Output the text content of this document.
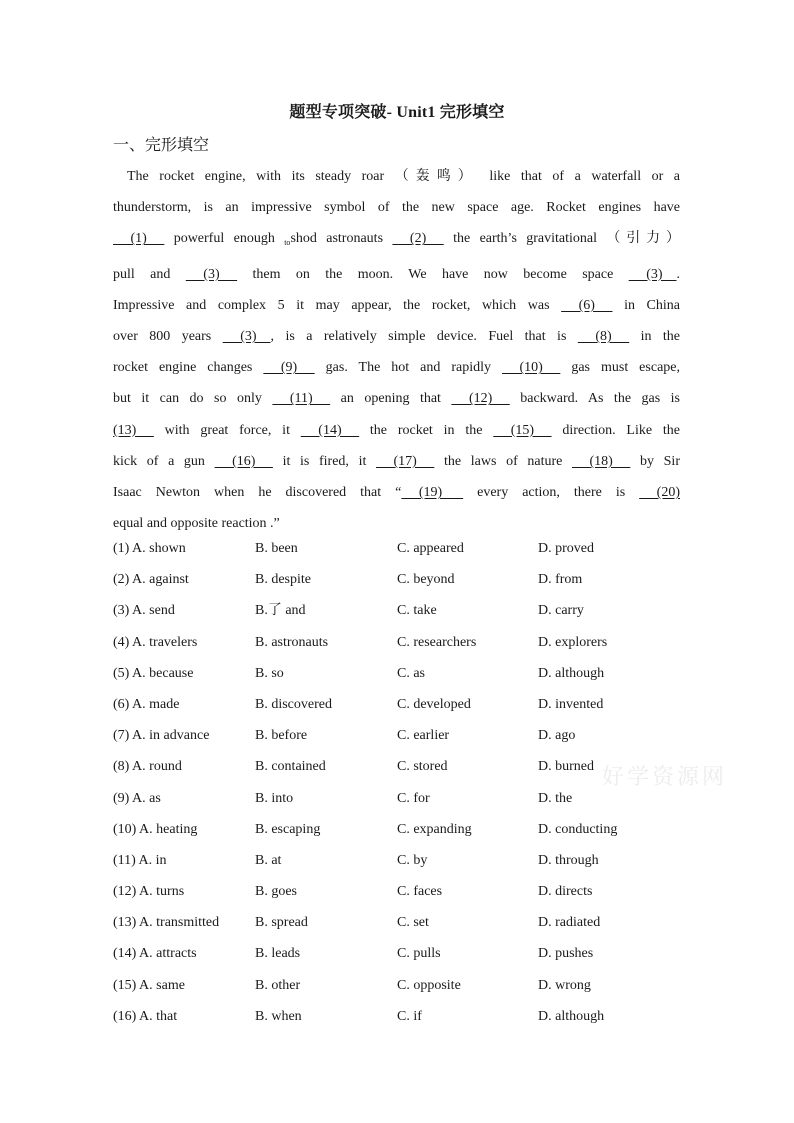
题型专项突破- Unit1 完形填空
一、完形填空
The rocket engine, with its steady roar （轰鸣） like that of a waterfall or a
thunderstorm, is an impressive symbol of the new space age. Rocket engines have
(1)      powerful enough $_{to}$shod astronauts      (2)      the earth’s gravitational （引力）
pull and      (3)      them on the moon. We have now become space      (3)    .
Impressive and complex 5 it may appear, the rocket, which was      (6)      in China
over 800 years      (3)    , is a relatively simple device. Fuel that is      (8)      in the
rocket engine changes      (9)      gas. The hot and rapidly      (10)      gas must escape,
but it can do so only      (11)      an opening that      (12)      backward. As the gas is
(13)      with great force, it      (14)      the rocket in the      (15)      direction. Like the
kick of a gun      (16)      it is fired, it      (17)      the laws of nature      (18)      by Sir
Isaac Newton when he discovered that “     (19)       every action, there is      (20)
equal and opposite reaction .”
(1) A. shown	B. been	C. appeared	D. proved
(2) A. against	B. despite	C. beyond	D. from
(3) A. send	B.了 and	C. take	D. carry
(4) A. travelers	B. astronauts	C. researchers	D. explorers
(5) A. because	B. so	C. as	D. although
(6) A. made	B. discovered	C. developed	D. invented
(7) A. in advance	B. before	C. earlier	D. ago
(8) A. round	B. contained	C. stored	D. burned
(9) A. as	B. into	C. for	D. the
(10) A. heating	B. escaping	C. expanding	D. conducting
(11) A. in	B. at	C. by	D. through
(12) A. turns	B. goes	C. faces	D. directs
(13) A. transmitted	B. spread	C. set	D. radiated
(14) A. attracts	B. leads	C. pulls	D. pushes
(15) A. same	B. other	C. opposite	D. wrong
(16) A. that	B. when	C. if	D. although
好学资源网
